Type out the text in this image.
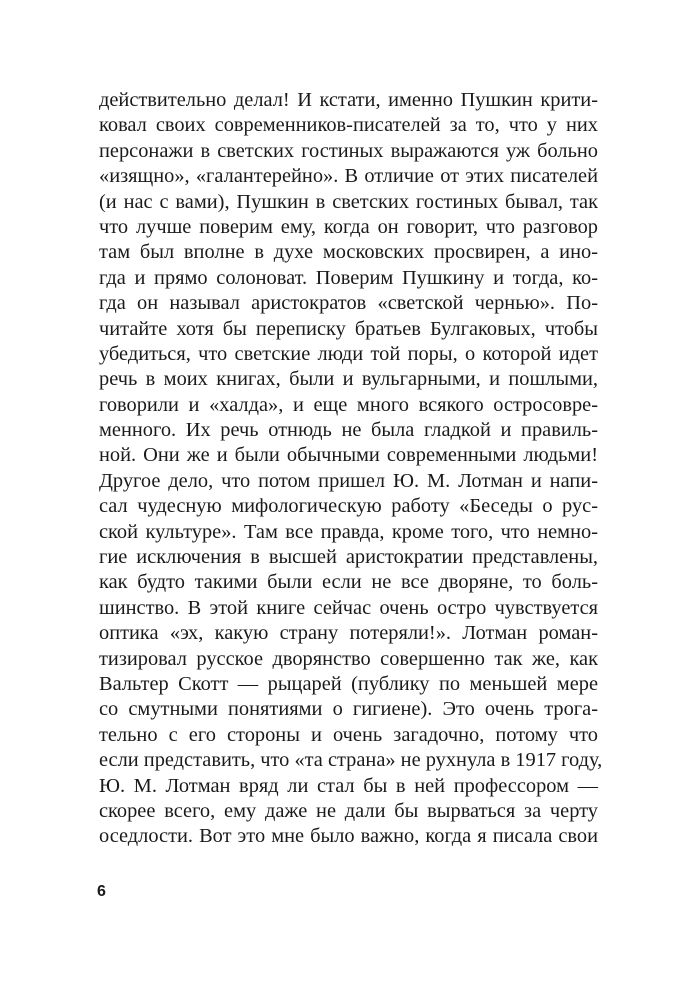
действительно делал! И кстати, именно Пушкин крити-
ковал своих современников-писателей за то, что у них
персонажи в светских гостиных выражаются уж больно
«изящно», «галантерейно». В отличие от этих писателей
(и нас с вами), Пушкин в светских гостиных бывал, так
что лучше поверим ему, когда он говорит, что разговор
там был вполне в духе московских просвирен, а ино-
гда и прямо солоноват. Поверим Пушкину и тогда, ко-
гда он называл аристократов «светской чернью». По-
читайте хотя бы переписку братьев Булгаковых, чтобы
убедиться, что светские люди той поры, о которой идет
речь в моих книгах, были и вульгарными, и пошлыми,
говорили и «халда», и еще много всякого остросовре-
менного. Их речь отнюдь не была гладкой и правиль-
ной. Они же и были обычными современными людьми!
Другое дело, что потом пришел Ю. М. Лотман и напи-
сал чудесную мифологическую работу «Беседы о рус-
ской культуре». Там все правда, кроме того, что немно-
гие исключения в высшей аристократии представлены,
как будто такими были если не все дворяне, то боль-
шинство. В этой книге сейчас очень остро чувствуется
оптика «эх, какую страну потеряли!». Лотман роман-
тизировал русское дворянство совершенно так же, как
Вальтер Скотт — рыцарей (публику по меньшей мере
со смутными понятиями о гигиене). Это очень трога-
тельно с его стороны и очень загадочно, потому что
если представить, что «та страна» не рухнула в 1917 году,
Ю. М. Лотман вряд ли стал бы в ней профессором —
скорее всего, ему даже не дали бы вырваться за черту
оседлости. Вот это мне было важно, когда я писала свои
6
